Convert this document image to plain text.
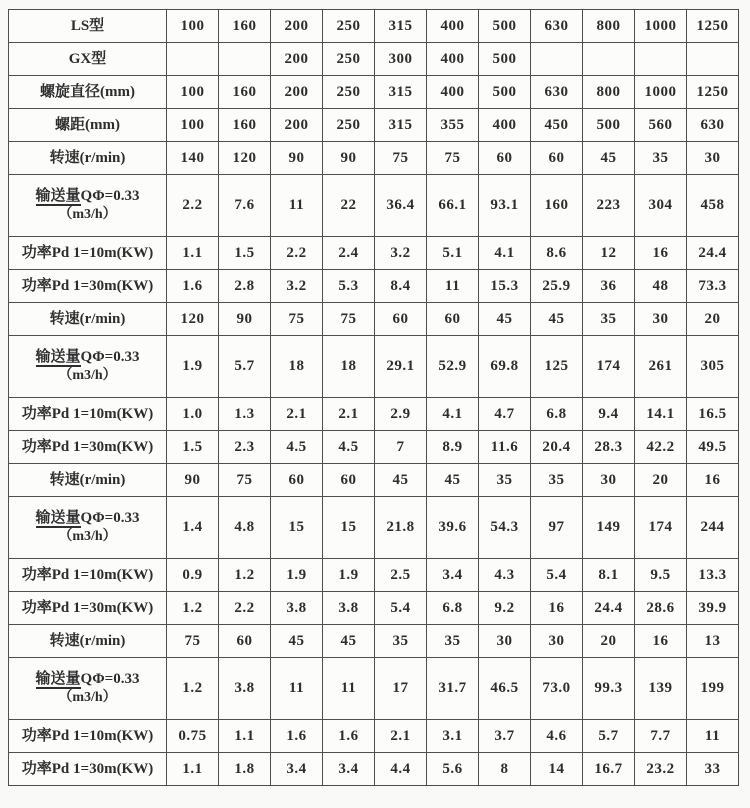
LS型	100	160	200	250	315	400	500	630	800	1000	1250
GX型			200	250	300	400	500				
螺旋直径(mm)	100	160	200	250	315	400	500	630	800	1000	1250
螺距(mm)	100	160	200	250	315	355	400	450	500	560	630
转速(r/min)	140	120	90	90	75	75	60	60	45	35	30
输送量QΦ=0.33
（m3/h）	2.2	7.6	11	22	36.4	66.1	93.1	160	223	304	458
功率Pd 1=10m(KW)	1.1	1.5	2.2	2.4	3.2	5.1	4.1	8.6	12	16	24.4
功率Pd 1=30m(KW)	1.6	2.8	3.2	5.3	8.4	11	15.3	25.9	36	48	73.3
转速(r/min)	120	90	75	75	60	60	45	45	35	30	20
输送量QΦ=0.33
（m3/h）	1.9	5.7	18	18	29.1	52.9	69.8	125	174	261	305
功率Pd 1=10m(KW)	1.0	1.3	2.1	2.1	2.9	4.1	4.7	6.8	9.4	14.1	16.5
功率Pd 1=30m(KW)	1.5	2.3	4.5	4.5	7	8.9	11.6	20.4	28.3	42.2	49.5
转速(r/min)	90	75	60	60	45	45	35	35	30	20	16
输送量QΦ=0.33
（m3/h）	1.4	4.8	15	15	21.8	39.6	54.3	97	149	174	244
功率Pd 1=10m(KW)	0.9	1.2	1.9	1.9	2.5	3.4	4.3	5.4	8.1	9.5	13.3
功率Pd 1=30m(KW)	1.2	2.2	3.8	3.8	5.4	6.8	9.2	16	24.4	28.6	39.9
转速(r/min)	75	60	45	45	35	35	30	30	20	16	13
输送量QΦ=0.33
（m3/h）	1.2	3.8	11	11	17	31.7	46.5	73.0	99.3	139	199
功率Pd 1=10m(KW)	0.75	1.1	1.6	1.6	2.1	3.1	3.7	4.6	5.7	7.7	11
功率Pd 1=30m(KW)	1.1	1.8	3.4	3.4	4.4	5.6	8	14	16.7	23.2	33
